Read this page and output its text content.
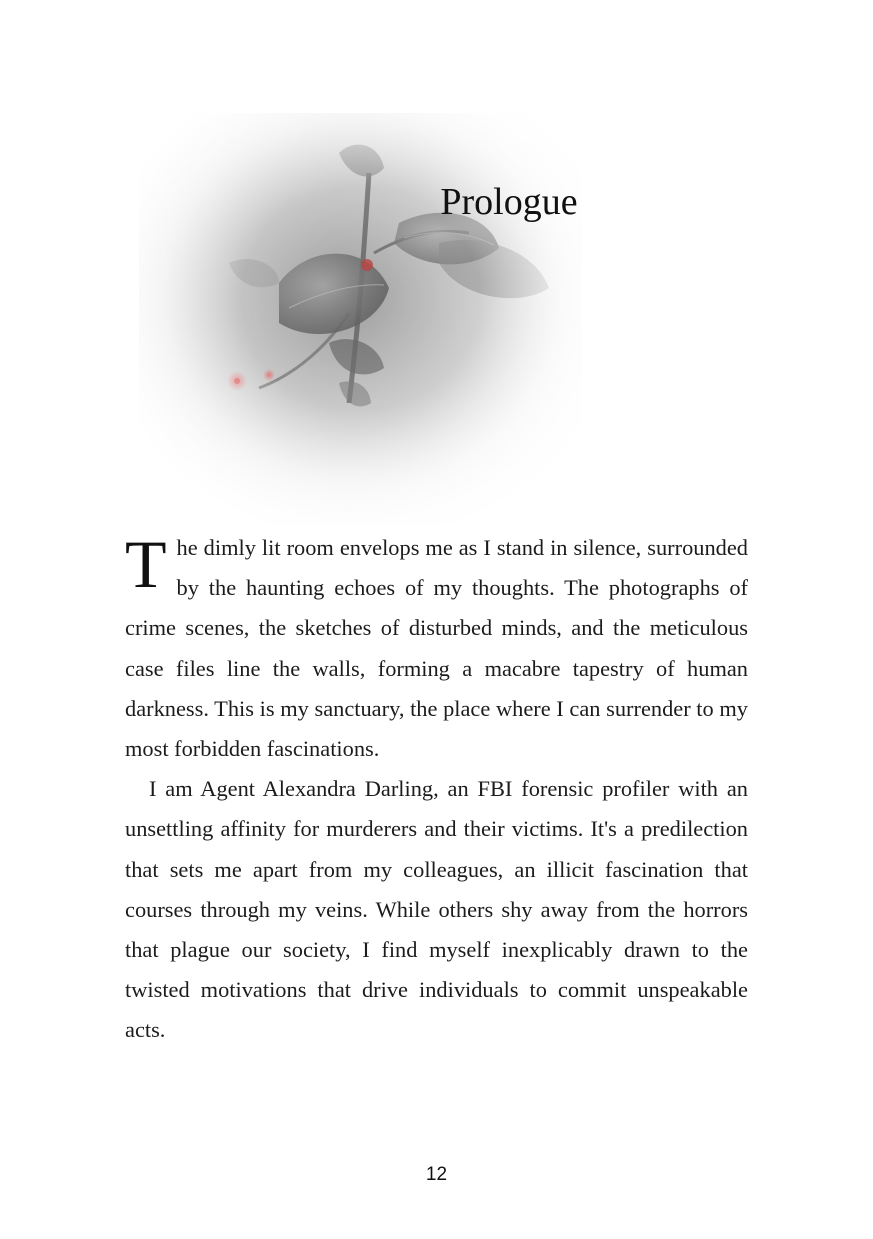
Prologue

The dimly lit room envelops me as I stand in silence, surrounded by the haunting echoes of my thoughts. The photographs of crime scenes, the sketches of disturbed minds, and the meticulous case files line the walls, forming a macabre tapestry of human darkness. This is my sanctuary, the place where I can surrender to my most forbidden fascinations.

I am Agent Alexandra Darling, an FBI forensic profiler with an unsettling affinity for murderers and their victims. It's a predilection that sets me apart from my colleagues, an illicit fascination that courses through my veins. While others shy away from the horrors that plague our society, I find myself inexplicably drawn to the twisted motivations that drive individuals to commit unspeakable acts.

12
